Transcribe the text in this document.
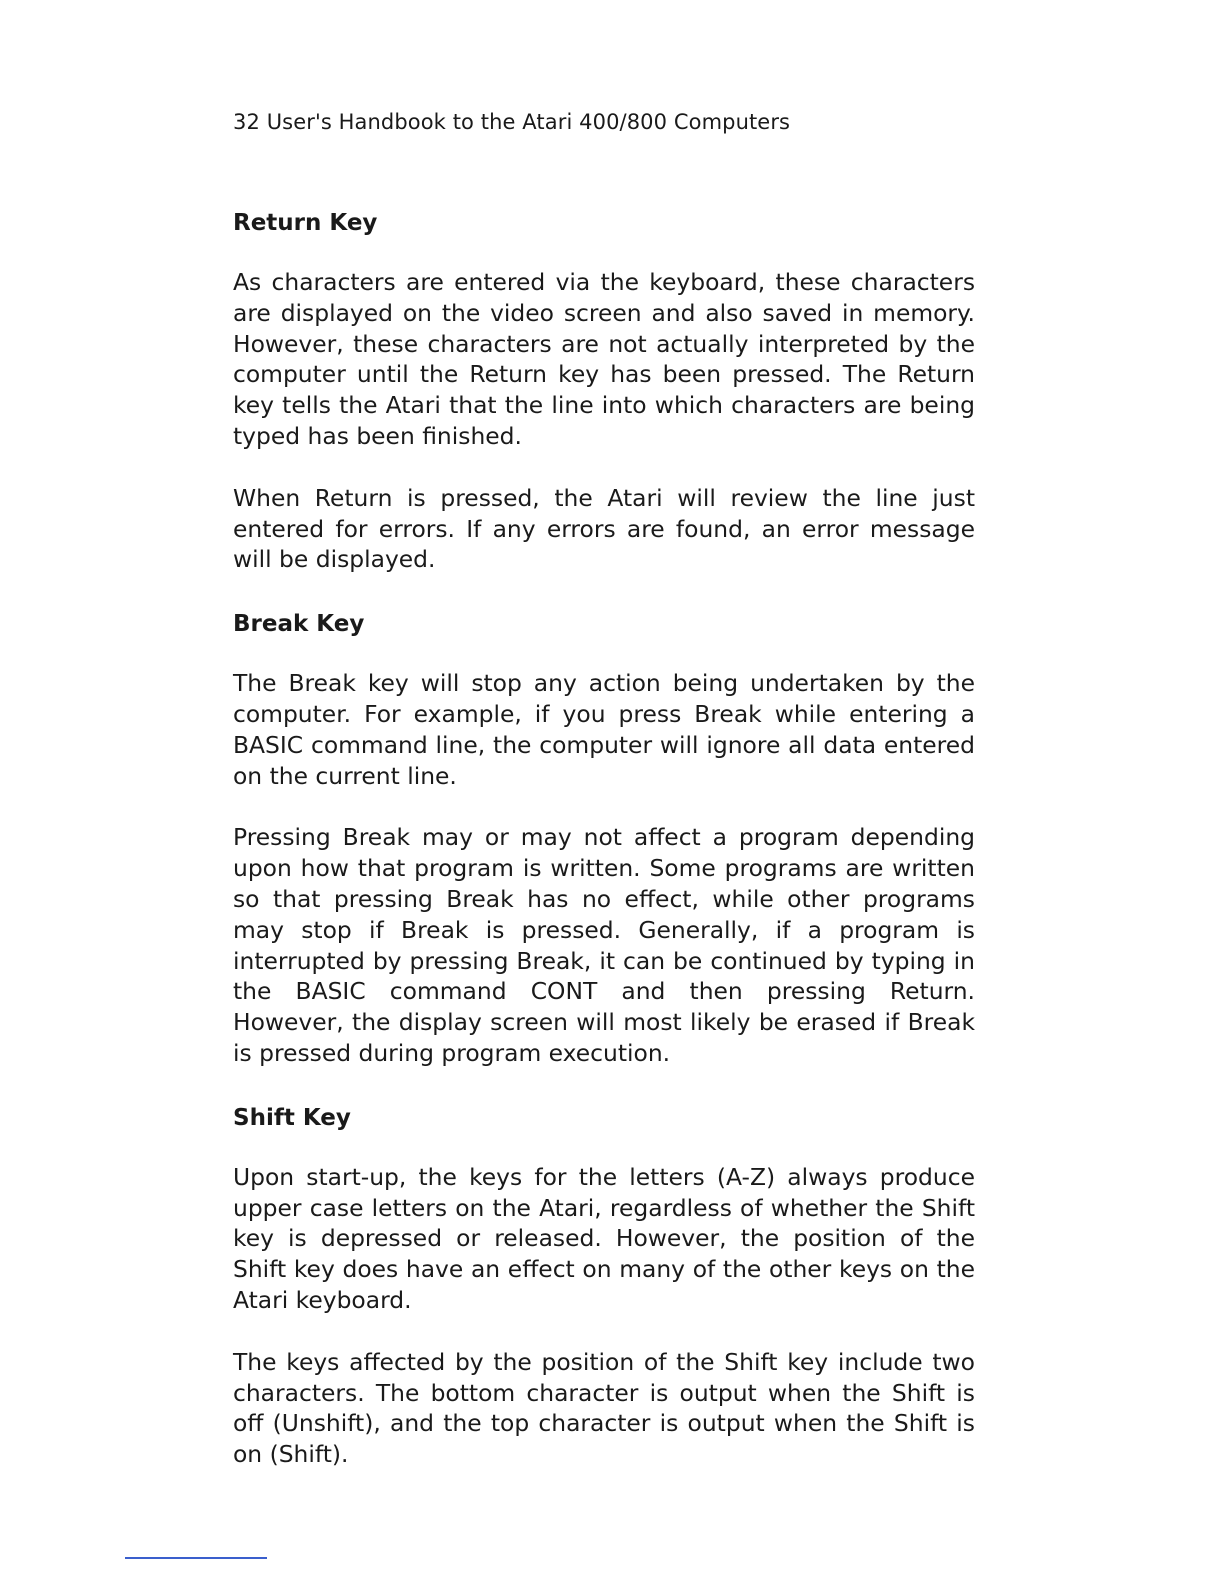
32 User's Handbook to the Atari 400/800 Computers
Return Key

As characters are entered via the keyboard, these characters are displayed on the video screen and also saved in memory. However, these characters are not actually interpreted by the computer until the Return key has been pressed. The Return key tells the Atari that the line into which characters are being typed has been finished.

When Return is pressed, the Atari will review the line just entered for errors. If any errors are found, an error message will be displayed.

Break Key

The Break key will stop any action being undertaken by the computer. For example, if you press Break while entering a BASIC command line, the computer will ignore all data entered on the current line.

Pressing Break may or may not affect a program depending upon how that program is written. Some programs are written so that pressing Break has no effect, while other programs may stop if Break is pressed. Generally, if a program is interrupted by pressing Break, it can be continued by typing in the BASIC command CONT and then pressing Return. However, the display screen will most likely be erased if Break is pressed during program execution.

Shift Key

Upon start-up, the keys for the letters (A-Z) always produce upper case letters on the Atari, regardless of whether the Shift key is depressed or released. However, the position of the Shift key does have an effect on many of the other keys on the Atari keyboard.

The keys affected by the position of the Shift key include two characters. The bottom character is output when the Shift is off (Unshift), and the top character is output when the Shift is on (Shift).
